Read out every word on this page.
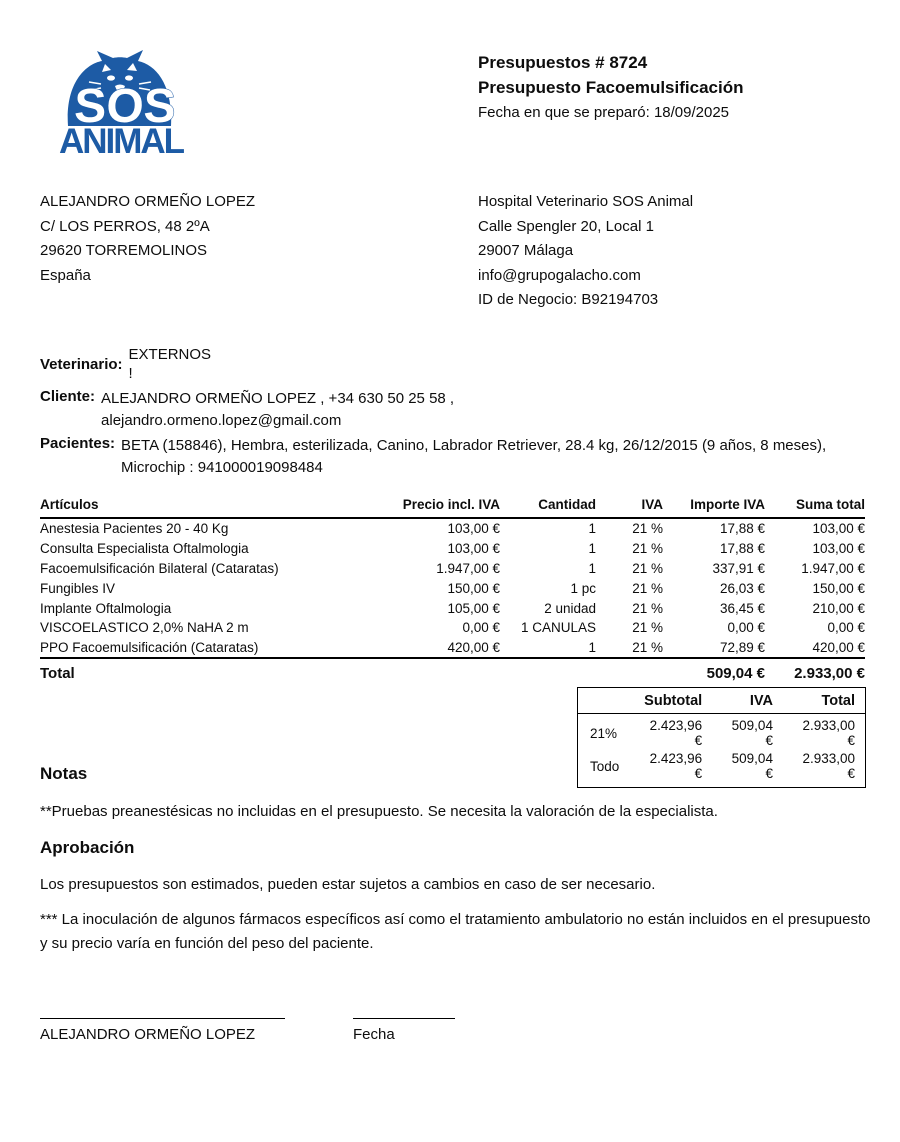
SOS
ANIMAL
Presupuestos # 8724
Presupuesto Facoemulsificación
Fecha en que se preparó: 18/09/2025
ALEJANDRO ORMEÑO LOPEZ
C/ LOS PERROS, 48 2ºA
29620 TORREMOLINOS
España
Hospital Veterinario SOS Animal
Calle Spengler 20, Local 1
29007 Málaga
info@grupogalacho.com
ID de Negocio: B92194703
Veterinario:
EXTERNOS
!
Cliente: ALEJANDRO ORMEÑO LOPEZ , +34 630 50 25 58 ,
alejandro.ormeno.lopez@gmail.com
Pacientes: BETA (158846), Hembra, esterilizada, Canino, Labrador Retriever, 28.4 kg, 26/12/2015 (9 años, 8 meses),
Microchip : 941000019098484
Artículos	Precio incl. IVA	Cantidad	IVA	Importe IVA	Suma total
Anestesia Pacientes 20 - 40 Kg	103,00 €	1	21 %	17,88 €	103,00 €
Consulta Especialista Oftalmologia	103,00 €	1	21 %	17,88 €	103,00 €
Facoemulsificación Bilateral (Cataratas)	1.947,00 €	1	21 %	337,91 €	1.947,00 €
Fungibles IV	150,00 €	1 pc	21 %	26,03 €	150,00 €
Implante Oftalmologia	105,00 €	2 unidad	21 %	36,45 €	210,00 €
VISCOELASTICO 2,0% NaHA 2 m	0,00 €	1 CANULAS	21 %	0,00 €	0,00 €
PPO Facoemulsificación (Cataratas)	420,00 €	1	21 %	72,89 €	420,00 €
Total				509,04 €	2.933,00 €
	Subtotal	IVA	Total
21%	2.423,96 €	509,04 €	2.933,00 €
Todo	2.423,96 €	509,04 €	2.933,00 €
Notas
**Pruebas preanestésicas no incluidas en el presupuesto. Se necesita la valoración de la especialista.
Aprobación
Los presupuestos son estimados, pueden estar sujetos a cambios en caso de ser necesario.
*** La inoculación de algunos fármacos específicos así como el tratamiento ambulatorio no están incluidos en el presupuesto y su precio varía en función del peso del paciente.
ALEJANDRO ORMEÑO LOPEZ	Fecha
